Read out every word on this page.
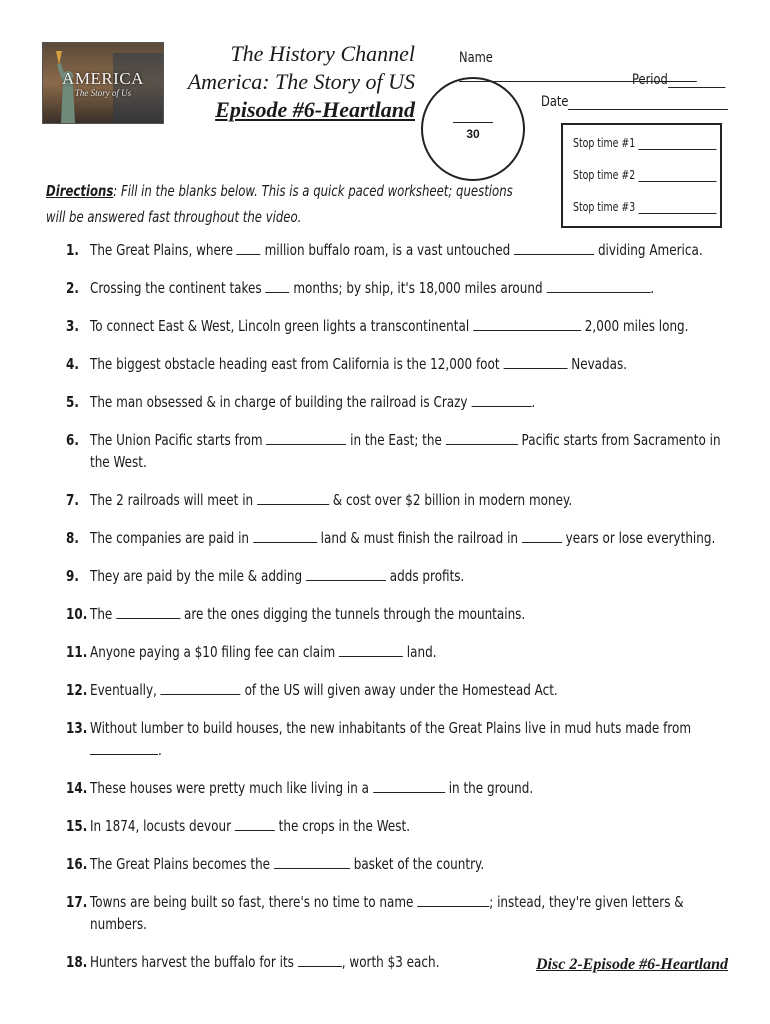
AMERICA
The Story of Us
The History Channel
America: The Story of US
Episode #6-Heartland
30
Name
Period
Date
Stop time #1
Stop time #2
Stop time #3
Directions: Fill in the blanks below. This is a quick paced worksheet; questions will be answered fast throughout the video.
1. The Great Plains, where million buffalo roam, is a vast untouched	dividing America.
2. Crossing the continent takes months; by ship, it's 18,000 miles around	.
3. To connect East & West, Lincoln green lights a transcontinental	2,000 miles long.
4. The biggest obstacle heading east from California is the 12,000 foot	Nevadas.
5. The man obsessed & in charge of building the railroad is Crazy	.
6. The Union Pacific starts from	in the East; the	Pacific starts from Sacramento in the West.
7. The 2 railroads will meet in	& cost over $2 billion in modern money.
8. The companies are paid in	land & must finish the railroad in	years or lose everything.
9. They are paid by the mile & adding	adds profits.
10. The	are the ones digging the tunnels through the mountains.
11. Anyone paying a $10 filing fee can claim	land.
12. Eventually,	of the US will given away under the Homestead Act.
13. Without lumber to build houses, the new inhabitants of the Great Plains live in mud huts made from .
14. These houses were pretty much like living in a	in the ground.
15. In 1874, locusts devour	the crops in the West.
16. The Great Plains becomes the	basket of the country.
17. Towns are being built so fast, there's no time to name	; instead, they're given letters & numbers.
18. Hunters harvest the buffalo for its	, worth $3 each.	Disc 2-Episode #6-Heartland
